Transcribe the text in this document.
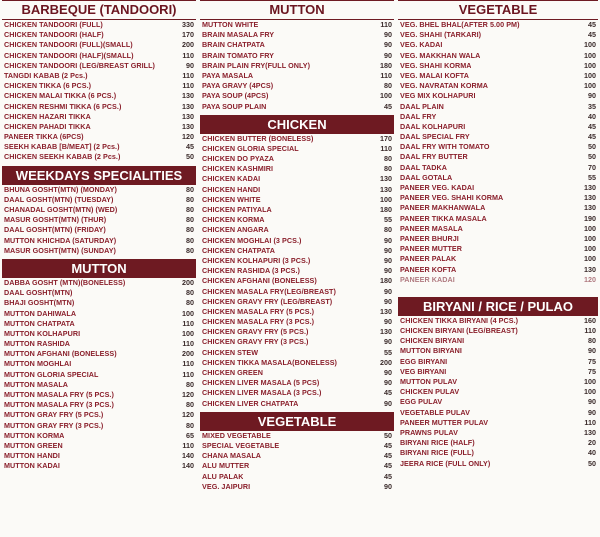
BARBEQUE (TANDOORI)
CHICKEN TANDOORI (FULL)	330
CHICKEN TANDOORI (HALF)	170
CHICKEN TANDOORI (FULL)(SMALL)	200
CHICKEN TANDOORI (HALF)(SMALL)	110
CHICKEN TANDOORI (LEG/BREAST GRILL)	90
TANGDI KABAB (2 Pcs.)	110
CHICKEN TIKKA (6 PCS.)	110
CHICKEN MALAI TIKKA (6 PCS.)	130
CHICKEN RESHMI TIKKA (6 PCS.)	130
CHICKEN HAZARI TIKKA	130
CHICKEN PAHADI TIKKA	130
PANEER TIKKA (6PCS)	120
SEEKH KABAB [B/MEAT] (2 Pcs.)	45
CHICKEN SEEKH KABAB (2 Pcs.)	50
WEEKDAYS SPECIALITIES
BHUNA GOSHT(MTN) (MONDAY)	80
DAAL GOSHT(MTN) (TUESDAY)	80
CHANADAL GOSHT(MTN) (WED)	80
MASUR GOSHT(MTN) (THUR)	80
DAAL GOSHT(MTN) (FRIDAY)	80
MUTTON KHICHDA (SATURDAY)	80
MASUR GOSHT(MTN) (SUNDAY)	80
MUTTON
DABBA GOSHT (MTN)(BONELESS)	200
DAAL GOSHT(MTN)	80
BHAJI GOSHT(MTN)	80
MUTTON DAHIWALA	100
MUTTON CHATPATA	110
MUTTON KOLHAPURI	100
MUTTON RASHIDA	110
MUTTON AFGHANI (BONELESS)	200
MUTTON MOGHLAI	110
MUTTON GLORIA SPECIAL	110
MUTTON MASALA	80
MUTTON MASALA FRY (5 PCS.)	120
MUTTON MASALA FRY (3 PCS.)	80
MUTTON GRAY FRY (5 PCS.)	120
MUTTON GRAY FRY (3 PCS.)	80
MUTTON KORMA	65
MUTTON GREEN	110
MUTTON HANDI	140
MUTTON KADAI	140
MUTTON
MUTTON WHITE	110
BRAIN MASALA FRY	90
BRAIN CHATPATA	90
BRAIN TOMATO FRY	90
BRAIN PLAIN FRY(FULL ONLY)	180
PAYA MASALA	110
PAYA GRAVY (4PCS)	80
PAYA SOUP (4PCS)	100
PAYA SOUP PLAIN	45
CHICKEN
CHICKEN BUTTER (BONELESS)	170
CHICKEN GLORIA SPECIAL	110
CHICKEN DO PYAZA	80
CHICKEN KASHMIRI	80
CHICKEN KADAI	130
CHICKEN HANDI	130
CHICKEN WHITE	100
CHICKEN PATIYALA	180
CHICKEN KORMA	55
CHICKEN ANGARA	80
CHICKEN MOGHLAI (3 PCS.)	90
CHICKEN CHATPATA	90
CHICKEN KOLHAPURI (3 PCS.)	90
CHICKEN RASHIDA (3 PCS.)	90
CHICKEN AFGHANI (BONELESS)	180
CHICKEN MASALA FRY(LEG/BREAST)	90
CHICKEN GRAVY FRY (LEG/BREAST)	90
CHICKEN MASALA FRY (5 PCS.)	130
CHICKEN MASALA FRY (3 PCS.)	90
CHICKEN GRAVY FRY (5 PCS.)	130
CHICKEN GRAVY FRY (3 PCS.)	90
CHICKEN STEW	55
CHICKEN TIKKA MASALA(BONELESS)	200
CHICKEN GREEN	90
CHICKEN LIVER MASALA (5 PCS)	90
CHICKEN LIVER MASALA (3 PCS.)	45
CHICKEN LIVER CHATPATA	90
VEGETABLE
MIXED VEGETABLE	50
SPECIAL VEGETABLE	45
CHANA MASALA	45
ALU MUTTER	45
ALU PALAK	45
VEG. JAIPURI	90
VEGETABLE
VEG. BHEL BHAL(AFTER 5.00 PM)	45
VEG. SHAHI (TARKARI)	45
VEG. KADAI	100
VEG. MAKKHAN WALA	100
VEG. SHAHI KORMA	100
VEG. MALAI KOFTA	100
VEG. NAVRATAN KORMA	100
VEG MIX KOLHAPURI	90
DAAL PLAIN	35
DAAL FRY	40
DAAL KOLHAPURI	45
DAAL SPECIAL FRY	45
DAAL FRY WITH TOMATO	50
DAAL FRY BUTTER	50
DAAL TADKA	70
DAAL GOTALA	55
PANEER VEG. KADAI	130
PANEER VEG. SHAHI KORMA	130
PANEER MAKHANWALA	130
PANEER TIKKA MASALA	190
PANEER MASALA	100
PANEER BHURJI	100
PANEER MUTTER	100
PANEER PALAK	100
PANEER KOFTA	130
PANEER KADAI	120
BIRYANI / RICE / PULAO
CHICKEN TIKKA BIRYANI (4 PCS.)	160
CHICKEN BIRYANI (LEG/BREAST)	110
CHICKEN BIRYANI	80
MUTTON BIRYANI	90
EGG BIRYANI	75
VEG BIRYANI	75
MUTTON PULAV	100
CHICKEN PULAV	100
EGG PULAV	90
VEGETABLE PULAV	90
PANEER MUTTER PULAV	110
PRAWNS PULAV	130
BIRYANI RICE (HALF)	20
BIRYANI RICE (FULL)	40
JEERA RICE (FULL ONLY)	50
